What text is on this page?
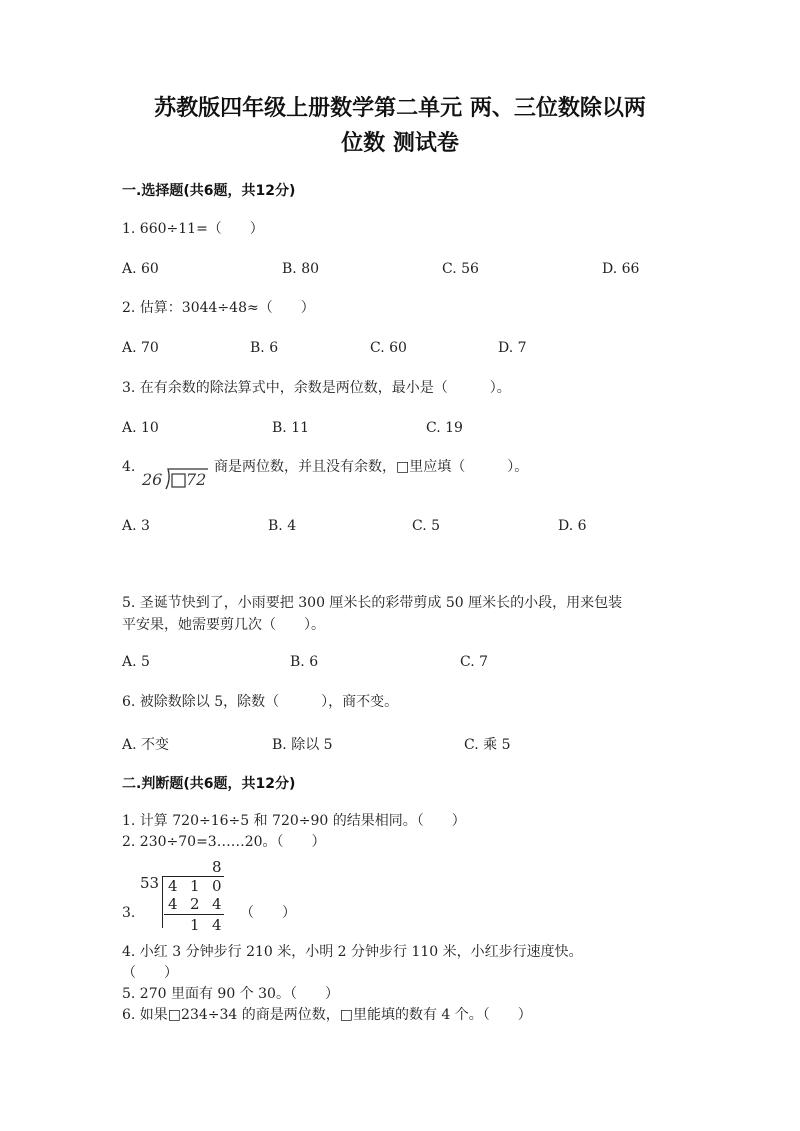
苏教版四年级上册数学第二单元 两、三位数除以两
位数 测试卷
一.选择题(共6题，共12分)
1. 660÷11=（　　）
A. 60	B. 80	C. 56	D. 66
2. 估算：3044÷48≈（　　）
A. 70	B. 6	C. 60	D. 7
3. 在有余数的除法算式中，余数是两位数，最小是（　　　）。
A. 10	B. 11	C. 19
4.
26 72
商是两位数，并且没有余数，□里应填（　　　）。
A. 3	B. 4	C. 5	D. 6
5. 圣诞节快到了，小雨要把 300 厘米长的彩带剪成 50 厘米长的小段，用来包装
平安果，她需要剪几次（　　）。
A. 5	B. 6	C. 7
6. 被除数除以 5，除数（　　　），商不变。
A. 不变	B. 除以 5	C. 乘 5
二.判断题(共6题，共12分)
1. 计算 720÷16÷5 和 720÷90 的结果相同。（　　）
2. 230÷70=3……20。（　　）
8
53 4 1 0
4 2 4
1 4
3.	（　　）
4. 小红 3 分钟步行 210 米，小明 2 分钟步行 110 米，小红步行速度快。
（　　）
5. 270 里面有 90 个 30。（　　）
6. 如果□234÷34 的商是两位数，□里能填的数有 4 个。（　　）
